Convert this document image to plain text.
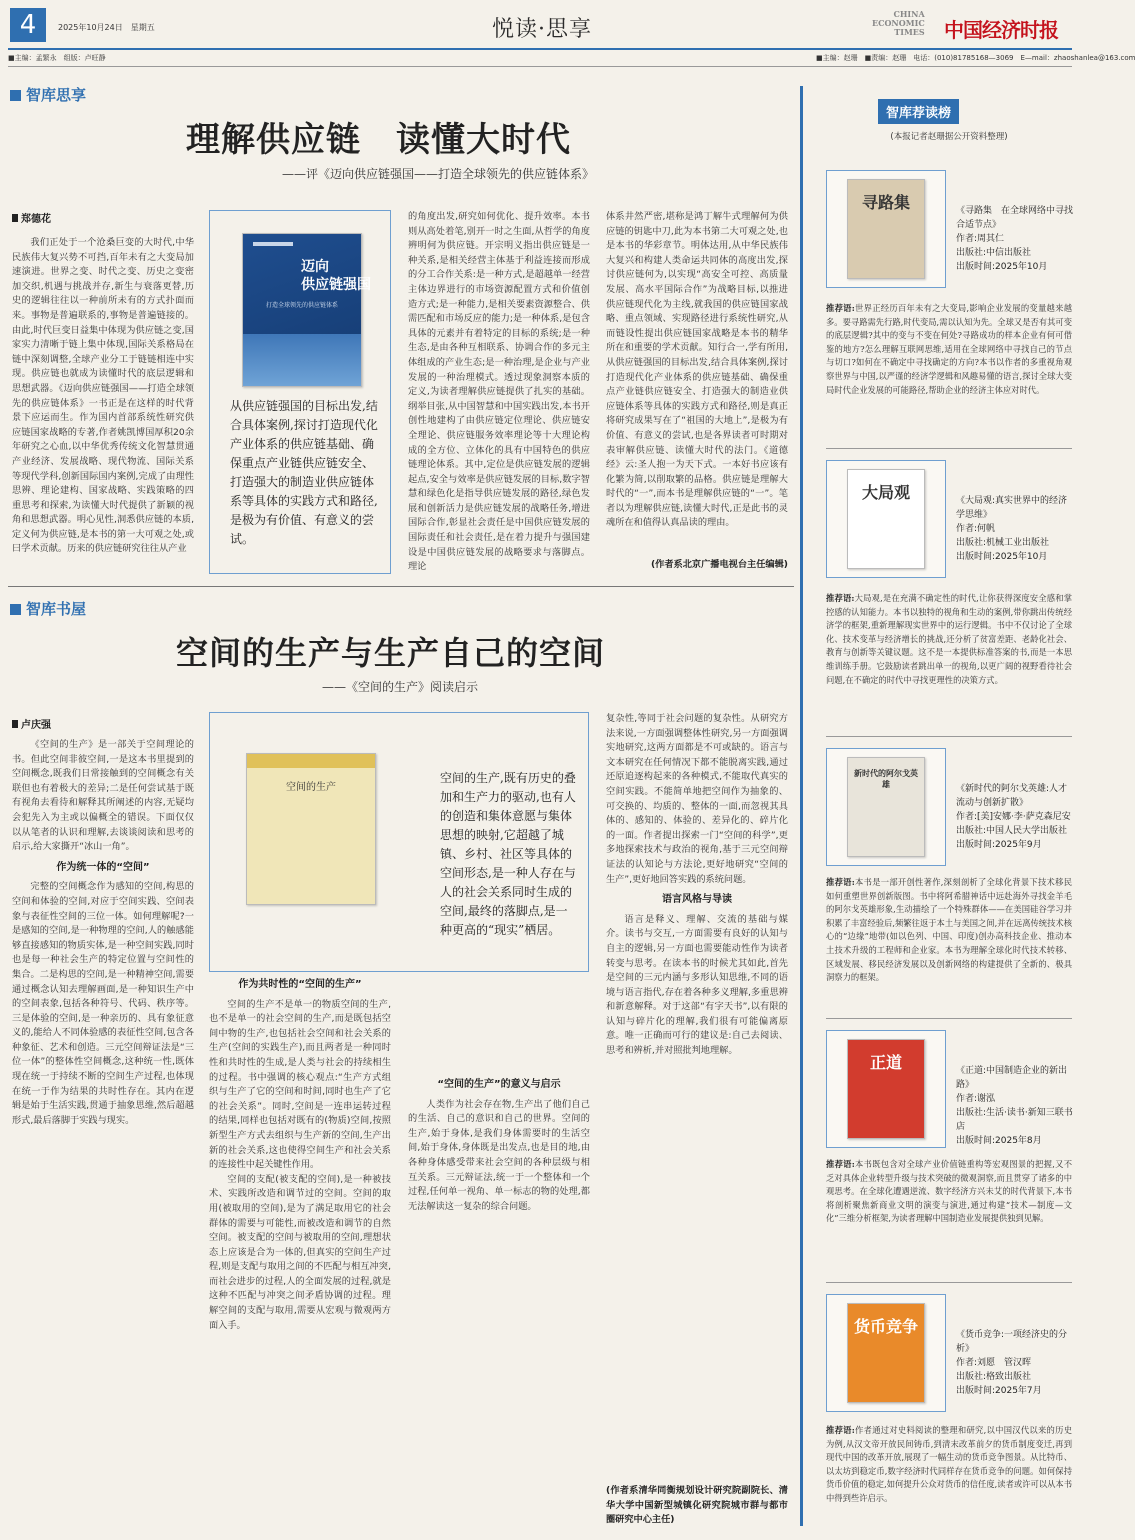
4	2025年10月24日　星期五	悦读·思享
CHINA
ECONOMIC
TIMES 中国经济时报
■主编：孟繁永　组版：卢旺静	■主编：赵珊　■责编：赵珊　电话：(010)81785168—3069　E—mail：zhaoshanlea@163.com
智库思享
理解供应链　读懂大时代
——评《迈向供应链强国——打造全球领先的供应链体系》
郑德花

我们正处于一个沧桑巨变的大时代,中华民族伟大复兴势不可挡,百年未有之大变局加速演进。世界之变、时代之变、历史之变密加交织,机遇与挑战并存,新生与衰落更替,历史的逻辑往往以一种前所未有的方式扑面而来。事物是普遍联系的,事物是普遍链接的。由此,时代巨变日益集中体现为供应链之变,国家实力清晰于链上集中体现,国际关系格局在链中深刻调整,全球产业分工于链链相连中实现。供应链也就成为读懂时代的底层逻辑和思想武器。《迈向供应链强国——打造全球领先的供应链体系》一书正是在这样的时代背景下应运而生。作为国内首部系统性研究供应链国家战略的专著,作者姚凯博国厚积20余年研究之心血,以中华优秀传统文化智慧贯通产业经济、发展战略、现代物流、国际关系等现代学科,创新国际国内案例,完成了由理性思辨、理论建构、国家战略、实践策略的四重思考和探索,为读懂大时代提供了新颖的视角和思想武器。明心见性,洞悉供应链的本质,定义何为供应链,是本书的第一大可观之处,或曰学术贡献。历来的供应链研究往往从产业

迈向
供应链强国
打造全球领先的供应链体系
从供应链强国的目标出发,结合具体案例,探讨打造现代化产业体系的供应链基础、确保重点产业链供应链安全、打造强大的制造业供应链体系等具体的实践方式和路径,是极为有价值、有意义的尝试。

的角度出发,研究如何优化、提升效率。本书则从高处着笔,别开一时之生面,从哲学的角度辨明何为供应链。开宗明义指出供应链是一种关系,是相关经营主体基于利益连接而形成的分工合作关系:是一种方式,是超越单一经营主体边界进行的市场资源配置方式和价值创造方式;是一种能力,是相关要素资源整合、供需匹配和市场反应的能力;是一种体系,是包含具体的元素并有着特定的目标的系统;是一种生态,是由各种互相联系、协调合作的多元主体组成的产业生态;是一种治理,是企业与产业发展的一种治理模式。透过现象洞察本质的定义,为读者理解供应链提供了扎实的基础。纲举目张,从中国智慧和中国实践出发,本书开创性地建构了由供应链定位理论、供应链安全理论、供应链服务效率理论等十大理论构成的全方位、立体化的具有中国特色的供应链理论体系。其中,定位是供应链发展的逻辑起点,安全与效率是供应链发展的目标,数字智慧和绿色化是指导供应链发展的路径,绿色发展和创新活力是供应链发展的战略任务,增进国际合作,彰显社会责任是中国供应链发展的国际责任和社会责任,是在着力提升与强国建设是中国供应链发展的战略要求与落脚点。理论

体系井然严密,堪称是鸿丁解牛式理解何为供应链的钥匙中刀,此为本书第二大可观之处,也是本书的华彩章节。明体达用,从中华民族伟大复兴和构建人类命运共同体的高度出发,探讨供应链何为,以实现“高安全可控、高质量发展、高水平国际合作”为战略目标,以推进供应链现代化为主线,就我国的供应链国家战略、重点领域、实现路径进行系统性研究,从而链设性提出供应链国家战略是本书的精华所在和重要的学术贡献。知行合一,学有所用,从供应链强国的目标出发,结合具体案例,探讨打造现代化产业体系的供应链基础、确保重点产业链供应链安全、打造强大的制造业供应链体系等具体的实践方式和路径,则是真正将研究成果写在了“祖国的大地上”,是极为有价值、有意义的尝试,也是各界读者可时期对表审解供应链、读懂大时代的法门。《道德经》云:圣人抱一为天下式。一本好书应该有化繁为简,以削取繁的品格。供应链是理解大时代的“一”,而本书是理解供应链的“一”。笔者以为理解供应链,读懂大时代,正是此书的灵魂所在和值得认真品读的理由。

(作者系北京广播电视台主任编辑)
智库书屋
空间的生产与生产自己的空间
——《空间的生产》阅读启示
卢庆强

《空间的生产》是一部关于空间理论的书。但此空间非彼空间,一是这本书里提到的空间概念,既我们日常接触到的空间概念有关联但也有着极大的差异;二是任何尝试基于既有视角去看待和解释其所阐述的内容,无疑均会犯先入为主或以偏概全的错误。下面仅仅以从笔者的认识和理解,去谈谈阅读和思考的启示,给大家撕开“冰山一角”。

作为统一体的“空间”

完整的空间概念作为感知的空间,构思的空间和体验的空间,对应于空间实践、空间表象与表征性空间的三位一体。如何理解呢?一是感知的空间,是一种物理的空间,人的触感能够直接感知的物质实体,是一种空间实践,同时也是每一种社会生产的特定位置与空间性的集合。二是构思的空间,是一种精神空间,需要通过概念认知去理解画面,是一种知识生产中的空间表象,包括各种符号、代码、秩序等。三是体验的空间,是一种亲历的、具有象征意义的,能给人不同体验感的表征性空间,包含各种象征、艺术和创造。三元空间辩证法是“三位一体”的整体性空间概念,这种统一性,既体现在统一于持续不断的空间生产过程,也体现在统一于作为结果的共时性存在。其内在逻辑是始于生活实践,贯通于抽象思维,然后超越形式,最后落脚于实践与现实。

空间的生产
空间的生产,既有历史的叠加和生产力的驱动,也有人的创造和集体意愿与集体思想的映射,它超越了城镇、乡村、社区等具体的空间形态,是一种人存在与人的社会关系同时生成的空间,最终的落脚点,是一种更高的“现实”栖居。
作为共时性的“空间的生产”

空间的生产不是单一的物质空间的生产,也不是单一的社会空间的生产,而是既包括空间中物的生产,也包括社会空间和社会关系的生产(空间的实践生产),而且两者是一种同时性和共时性的生成,是人类与社会的持续相生的过程。书中强调的核心观点:“生产方式组织与生产了它的空间和时间,同时也生产了它的社会关系”。同时,空间是一连串运转过程的结果,同样也包括对既有的(物质)空间,按照新型生产方式去组织与生产新的空间,生产出新的社会关系,这也使得空间生产和社会关系的连接性中起关键性作用。

空间的支配(被支配的空间),是一种被技术、实践所改造和调节过的空间。空间的取用(被取用的空间),是为了满足取用它的社会群体的需要与可能性,而被改造和调节的自然空间。被支配的空间与被取用的空间,理想状态上应该是合为一体的,但真实的空间生产过程,则是支配与取用之间的不匹配与相互冲突,而社会进步的过程,人的全面发展的过程,就是这种不匹配与冲突之间矛盾协调的过程。理解空间的支配与取用,需要从宏观与微观两方面入手。

“空间的生产”的意义与启示

人类作为社会存在物,生产出了他们自己的生活、自己的意识和自己的世界。空间的生产,始于身体,是我们身体需要时的生活空间,始于身体,身体既是出发点,也是目的地,由各种身体感受带来社会空间的各种层级与相互关系。三元辩证法,统一于一个整体和一个过程,任何单一视角、单一标志的物的处理,都无法解读这一复杂的综合问题。

复杂性,等同于社会问题的复杂性。从研究方法来说,一方面强调整体性研究,另一方面强调实地研究,这两方面都是不可或缺的。语言与文本研究在任何情况下都不能脱离实践,通过还原追逐构起来的各种模式,不能取代真实的空间实践。不能简单地把空间作为抽象的、可交换的、均质的、整体的一面,而忽视其具体的、感知的、体验的、差异化的、碎片化的一面。作者提出探索一门“空间的科学”,更多地探索技术与政治的视角,基于三元空间辩证法的认知论与方法论,更好地研究“空间的生产”,更好地回答实践的系统问题。

语言风格与导读

语言是释义、理解、交流的基础与媒介。读书与交互,一方面需要有良好的认知与自主的逻辑,另一方面也需要能动性作为读者转变与思考。在读本书的时候尤其如此,首先是空间的三元内涵与多形认知思维,不同的语境与语言指代,存在着各种多义理解,多重思辨和新意解释。对于这部“有字天书”,以有限的认知与碎片化的理解,我们很有可能偏离原意。唯一正确而可行的建议是:自己去阅读、思考和辨析,并对照批判地理解。

(作者系清华同衡规划设计研究院副院长、清华大学中国新型城镇化研究院城市群与都市圈研究中心主任)

智库荐读榜
(本报记者赵珊据公开资料整理)
寻路集	《寻路集　在全球网络中寻找合适节点》
作者:周其仁
出版社:中信出版社
出版时间:2025年10月
推荐语:世界正经历百年未有之大变局,影响企业发展的变量越来越多。要寻路需先行路,时代变局,需以认知为先。全球又是否有其可变的底层逻辑?其中的变与不变在何处?寻路成功的样本企业有何可借鉴的地方?怎么理解互联网思维,适用在全球网络中寻找自己的节点与切口?如何在不确定中寻找确定的方向?本书以作者的多重视角观察世界与中国,以严谨的经济学逻辑和风趣易懂的语言,探讨全球大变局时代企业发展的可能路径,帮助企业的经济主体应对时代。
大局观	《大局观:真实世界中的经济学思维》
作者:何帆
出版社:机械工业出版社
出版时间:2025年10月
推荐语:大局观,是在充满不确定性的时代,让你获得深度安全感和掌控感的认知能力。本书以独特的视角和生动的案例,带你跳出传统经济学的框架,重新理解现实世界中的运行逻辑。书中不仅讨论了全球化、技术变革与经济增长的挑战,还分析了贫富差距、老龄化社会、教育与创新等关键议题。这不是一本提供标准答案的书,而是一本思维训练手册。它鼓励读者跳出单一的视角,以更广阔的视野看待社会问题,在不确定的时代中寻找更理性的决策方式。
新时代的阿尔戈英雄	《新时代的阿尔戈英雄:人才流动与创新扩散》
作者:[美]安娜·李·萨克森尼安
出版社:中国人民大学出版社
出版时间:2025年9月
推荐语:本书是一部开创性著作,深刻剖析了全球化背景下技术移民如何重塑世界创新版图。书中将阿希腊神话中远赴海外寻找金羊毛的阿尔戈英雄形象,生动描绘了一个特殊群体——在美国硅谷学习并积累了丰富经验后,频繁往返于本土与美国之间,并在远离传统技术核心的“边缘”地带(如以色列、中国、印度)创办高科技企业、推动本土技术升级的工程师和企业家。本书为理解全球化时代技术转移、区域发展、移民经济发展以及创新网络的构建提供了全新的、极具洞察力的框架。
正道	《正道:中国制造企业的新出路》
作者:谢泓
出版社:生活·读书·新知三联书店
出版时间:2025年8月
推荐语:本书既包含对全球产业价值链重构等宏观图景的把握,又不乏对具体企业转型升级与技术突破的微观洞察,而且贯穿了诸多的中观思考。在全球化遭遇逆流、数字经济方兴未艾的时代背景下,本书将剖析聚焦新商业文明的演变与演进,通过构建“技术—制度—文化”三维分析框架,为读者理解中国制造业发展提供独到见解。
货币竞争	《货币竞争:一项经济史的分析》
作者:刘愿　管汉晖
出版社:格致出版社
出版时间:2025年7月
推荐语:作者通过对史料阅读的整理和研究,以中国汉代以来的历史为例,从汉文帝开放民间铸币,到清末改革前夕的货币制度变迁,再到现代中国的改革开放,展现了一幅生动的货币竞争图景。从比特币、以太坊到稳定币,数字经济时代同样存在货币竞争的问题。如何保持货币价值的稳定,如何提升公众对货币的信任度,读者或许可以从本书中得到些许启示。
